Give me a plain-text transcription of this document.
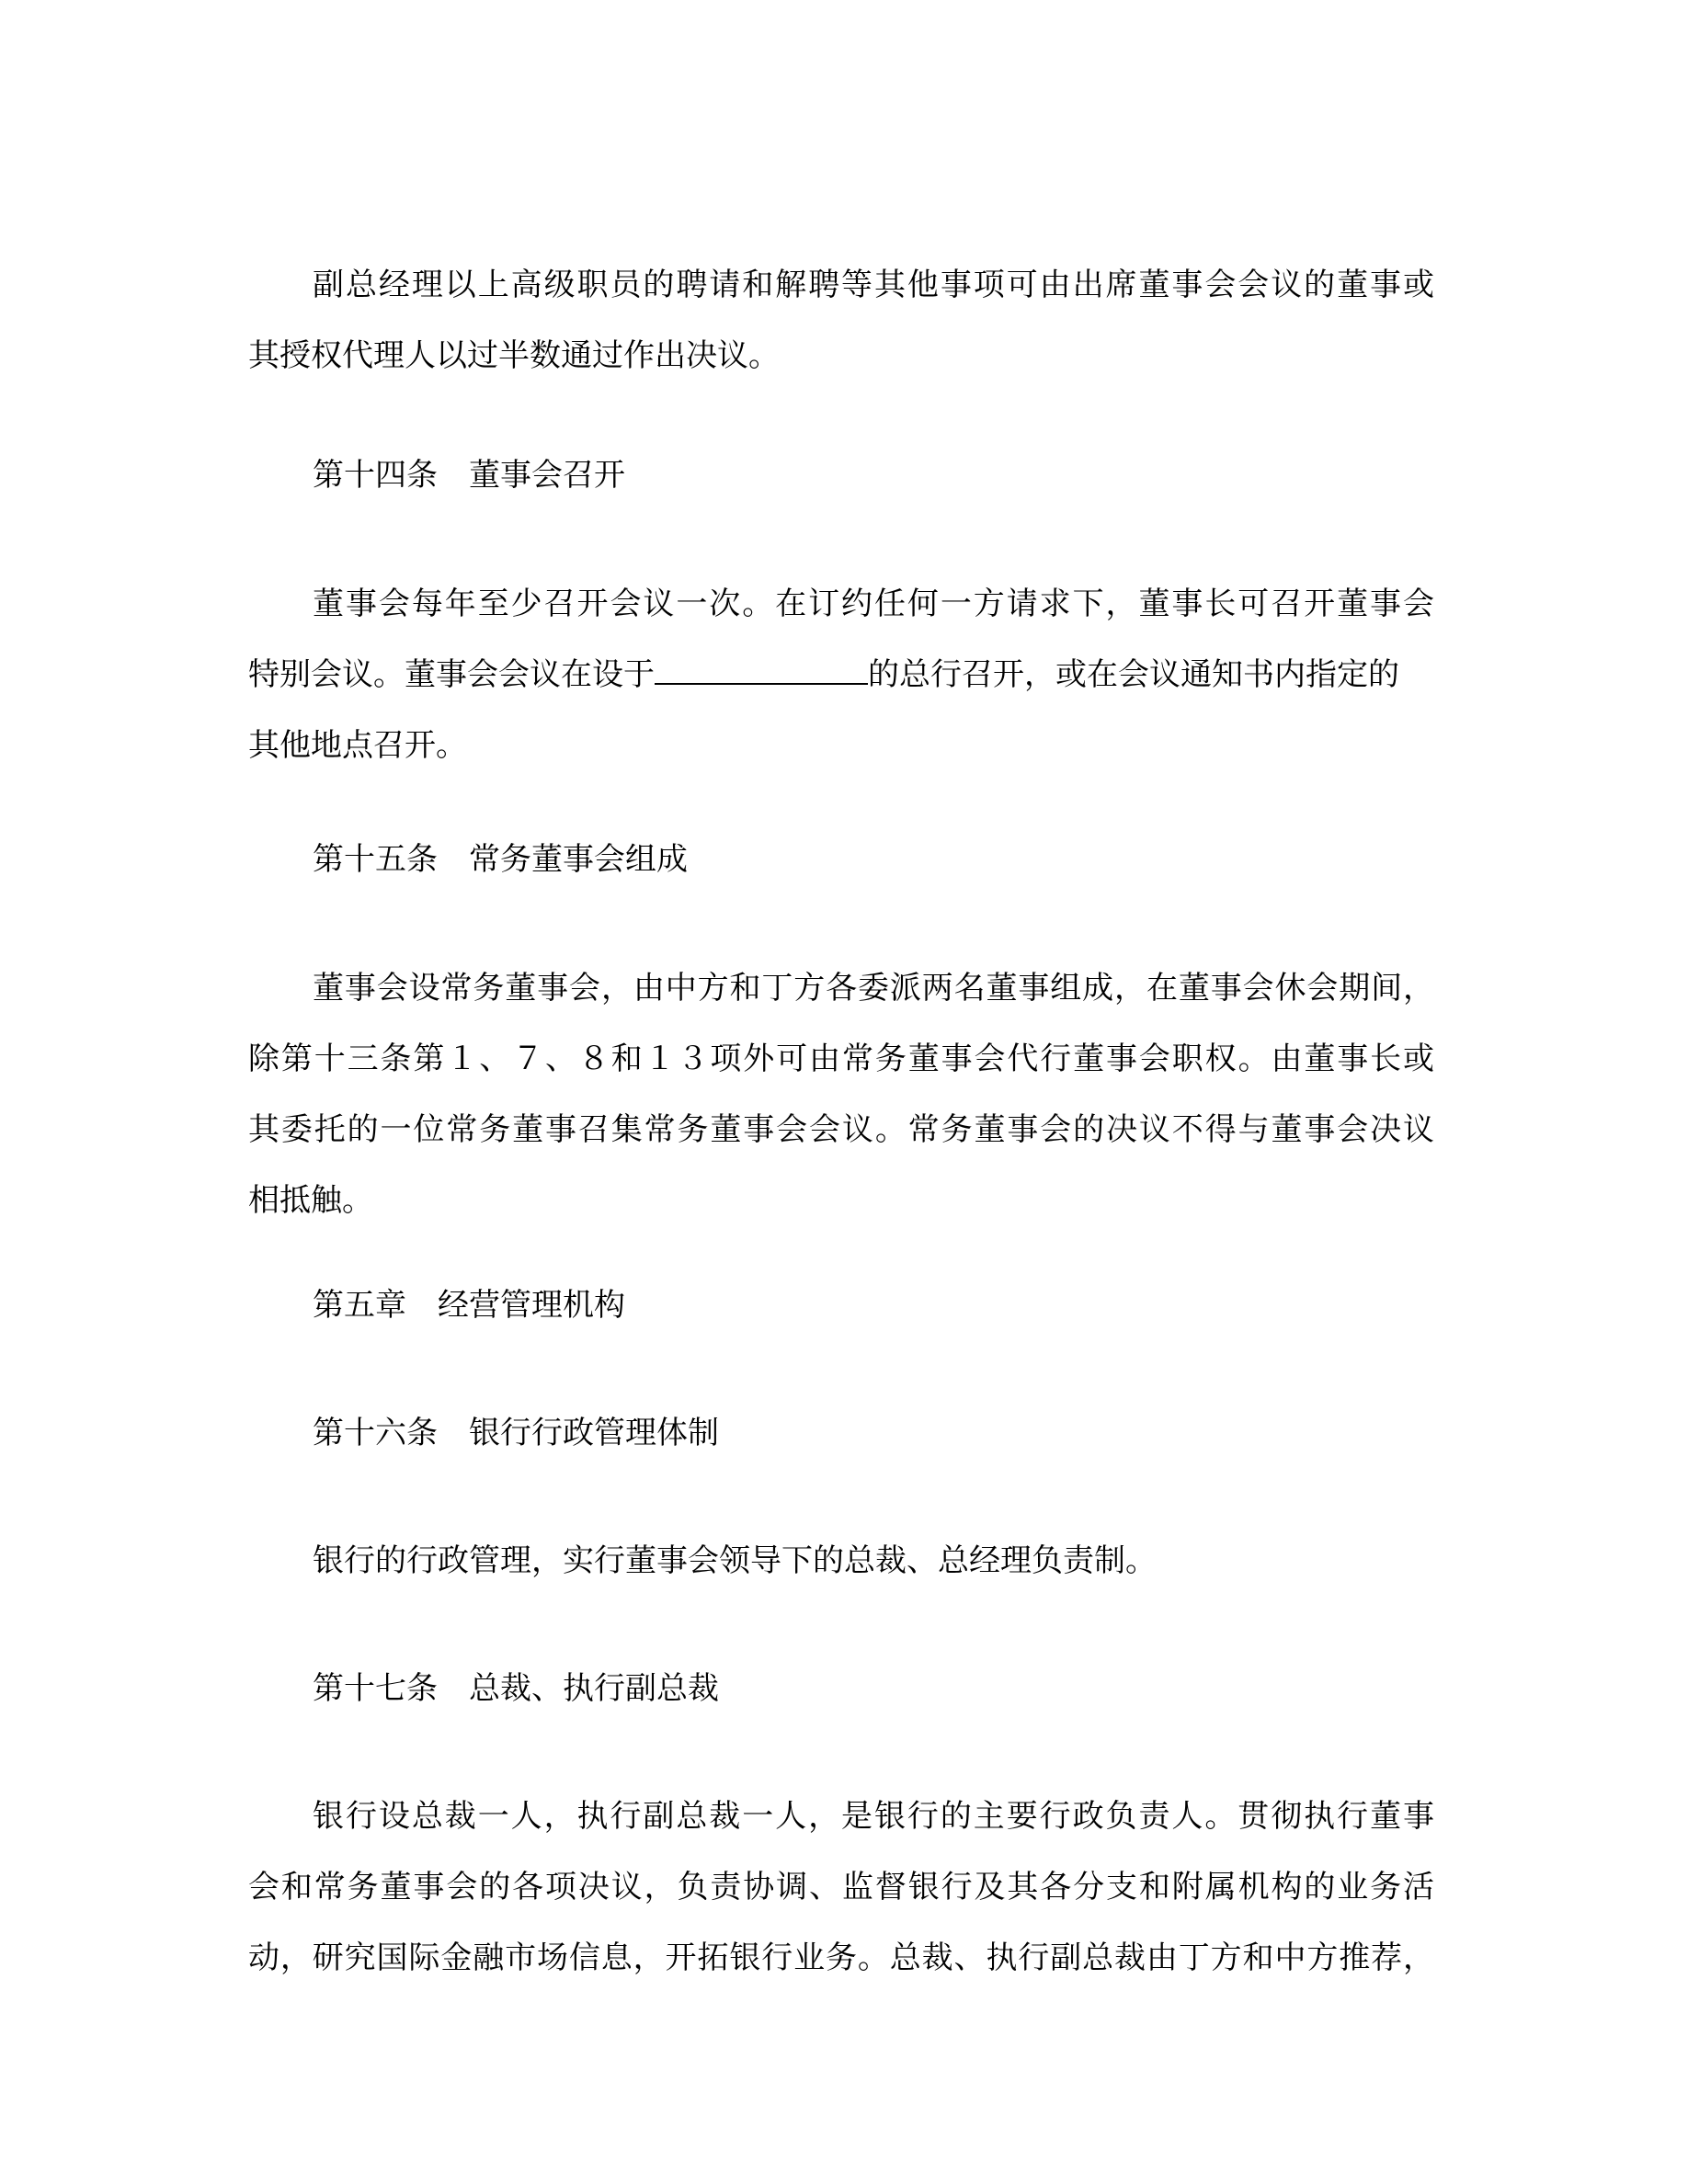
副总经理以上高级职员的聘请和解聘等其他事项可由出席董事会会议的董事或
其授权代理人以过半数通过作出决议。
第十四条　董事会召开
董事会每年至少召开会议一次。在订约任何一方请求下，董事长可召开董事会
特别会议。董事会会议在设于	的总行召开，或在会议通知书内指定的
其他地点召开。
第十五条　常务董事会组成
董事会设常务董事会，由中方和丁方各委派两名董事组成，在董事会休会期间，
除第十三条第１、７、８和１３项外可由常务董事会代行董事会职权。由董事长或
其委托的一位常务董事召集常务董事会会议。常务董事会的决议不得与董事会决议
相抵触。
第五章　经营管理机构
第十六条　银行行政管理体制
银行的行政管理，实行董事会领导下的总裁、总经理负责制。
第十七条　总裁、执行副总裁
银行设总裁一人，执行副总裁一人，是银行的主要行政负责人。贯彻执行董事
会和常务董事会的各项决议，负责协调、监督银行及其各分支和附属机构的业务活
动，研究国际金融市场信息，开拓银行业务。总裁、执行副总裁由丁方和中方推荐，
